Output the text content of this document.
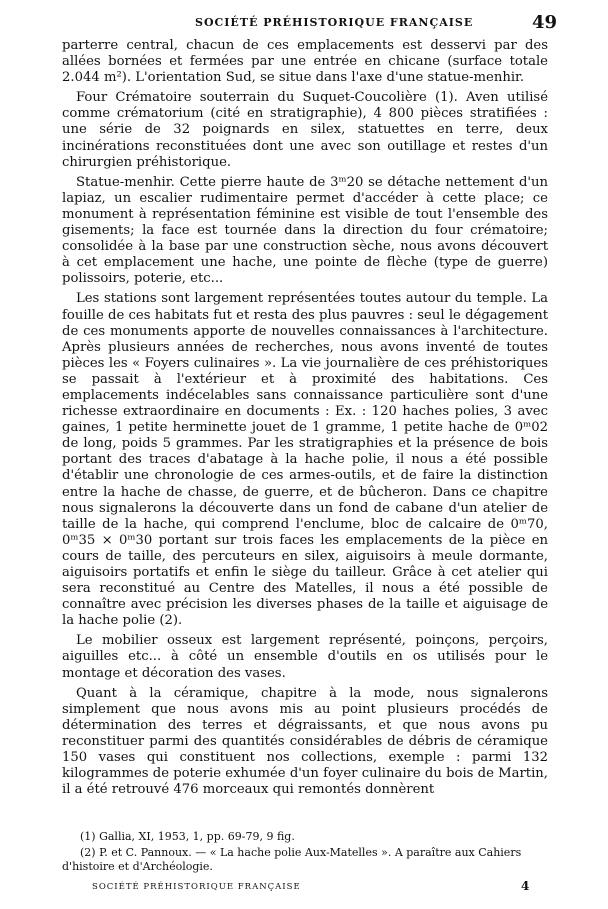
SOCIÉTÉ PRÉHISTORIQUE FRANÇAISE	49

parterre central, chacun de ces emplacements est desservi par des allées bornées et fermées par une entrée en chicane (surface totale 2.044 m²). L'orientation Sud, se situe dans l'axe d'une statue-menhir.

Four Crématoire souterrain du Suquet-Coucolière (1). Aven utilisé comme crématorium (cité en stratigraphie), 4 800 pièces stratifiées : une série de 32 poignards en silex, statuettes en terre, deux incinérations reconstituées dont une avec son outillage et restes d'un chirurgien préhistorique.

Statue-menhir. Cette pierre haute de 3ᵐ20 se détache nettement d'un lapiaz, un escalier rudimentaire permet d'accéder à cette place; ce monument à représentation féminine est visible de tout l'ensemble des gisements; la face est tournée dans la direction du four crématoire; consolidée à la base par une construction sèche, nous avons découvert à cet emplacement une hache, une pointe de flèche (type de guerre) polissoirs, poterie, etc...

Les stations sont largement représentées toutes autour du temple. La fouille de ces habitats fut et resta des plus pauvres : seul le dégagement de ces monuments apporte de nouvelles connaissances à l'architecture. Après plusieurs années de recherches, nous avons inventé de toutes pièces les « Foyers culinaires ». La vie journalière de ces préhistoriques se passait à l'extérieur et à proximité des habitations. Ces emplacements indécelables sans connaissance particulière sont d'une richesse extraordinaire en documents : Ex. : 120 haches polies, 3 avec gaines, 1 petite herminette jouet de 1 gramme, 1 petite hache de 0ᵐ02 de long, poids 5 grammes. Par les stratigraphies et la présence de bois portant des traces d'abatage à la hache polie, il nous a été possible d'établir une chronologie de ces armes-outils, et de faire la distinction entre la hache de chasse, de guerre, et de bûcheron. Dans ce chapitre nous signalerons la découverte dans un fond de cabane d'un atelier de taille de la hache, qui comprend l'enclume, bloc de calcaire de 0ᵐ70, 0ᵐ35 × 0ᵐ30 portant sur trois faces les emplacements de la pièce en cours de taille, des percuteurs en silex, aiguisoirs à meule dormante, aiguisoirs portatifs et enfin le siège du tailleur. Grâce à cet atelier qui sera reconstitué au Centre des Matelles, il nous a été possible de connaître avec précision les diverses phases de la taille et aiguisage de la hache polie (2).

Le mobilier osseux est largement représenté, poinçons, perçoirs, aiguilles etc... à côté un ensemble d'outils en os utilisés pour le montage et décoration des vases.

Quant à la céramique, chapitre à la mode, nous signalerons simplement que nous avons mis au point plusieurs procédés de détermination des terres et dégraissants, et que nous avons pu reconstituer parmi des quantités considérables de débris de céramique 150 vases qui constituent nos collections, exemple : parmi 132 kilogrammes de poterie exhumée d'un foyer culinaire du bois de Martin, il a été retrouvé 476 morceaux qui remontés donnèrent

(1) Gallia, XI, 1953, 1, pp. 69-79, 9 fig.

(2) P. et C. Pannoux. — « La hache polie Aux-Matelles ». A paraître aux Cahiers d'histoire et d'Archéologie.

SOCIÉTÉ PRÉHISTORIQUE FRANÇAISE	4
